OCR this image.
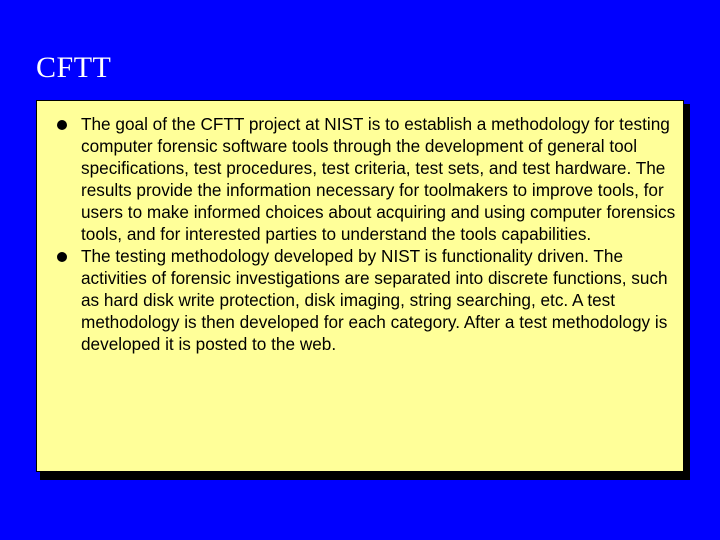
CFTT
The goal of the CFTT project at NIST is to establish a methodology for testing computer forensic software tools through the development of general tool specifications, test procedures, test criteria, test sets, and test hardware. The results provide the information necessary for toolmakers to improve tools, for users to make informed choices about acquiring and using computer forensics tools, and for interested parties to understand the tools capabilities.
The testing methodology developed by NIST is functionality driven. The activities of forensic investigations are separated into discrete functions, such as hard disk write protection, disk imaging, string searching, etc. A test methodology is then developed for each category. After a test methodology is developed it is posted to the web.
